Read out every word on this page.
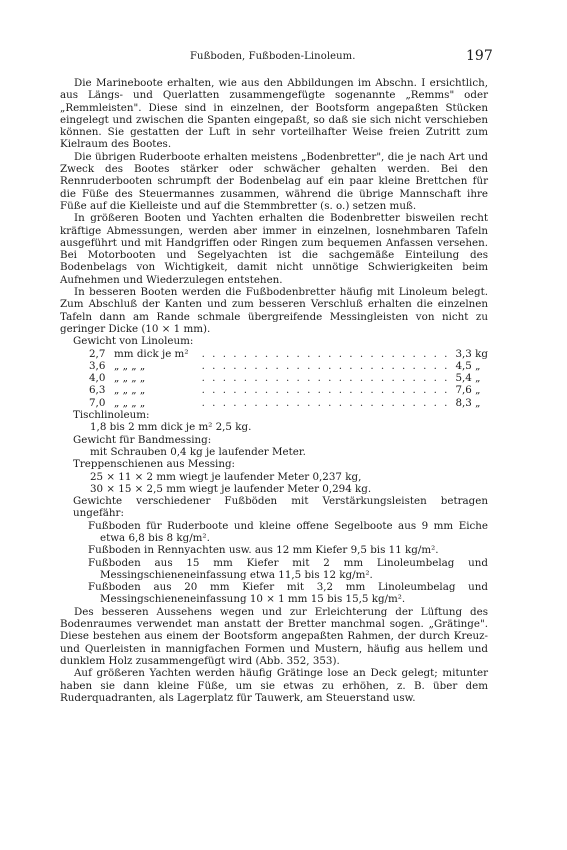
Fußboden, Fußboden-Linoleum.	197

Die Marineboote erhalten, wie aus den Abbildungen im Abschn. I ersichtlich, aus Längs- und Querlatten zusammengefügte sogenannte „Remms" oder „Remmleisten". Diese sind in einzelnen, der Bootsform angepaßten Stücken eingelegt und zwischen die Spanten eingepaßt, so daß sie sich nicht verschieben können. Sie gestatten der Luft in sehr vorteilhafter Weise freien Zutritt zum Kielraum des Bootes.

Die übrigen Ruderboote erhalten meistens „Bodenbretter", die je nach Art und Zweck des Bootes stärker oder schwächer gehalten werden. Bei den Rennruderbooten schrumpft der Bodenbelag auf ein paar kleine Brettchen für die Füße des Steuermannes zusammen, während die übrige Mannschaft ihre Füße auf die Kielleiste und auf die Stemmbretter (s. o.) setzen muß.

In größeren Booten und Yachten erhalten die Bodenbretter bisweilen recht kräftige Abmessungen, werden aber immer in einzelnen, losnehmbaren Tafeln ausgeführt und mit Handgriffen oder Ringen zum bequemen Anfassen versehen. Bei Motorbooten und Segelyachten ist die sachgemäße Einteilung des Bodenbelags von Wichtigkeit, damit nicht unnötige Schwierigkeiten beim Aufnehmen und Wiederzulegen entstehen.

In besseren Booten werden die Fußbodenbretter häufig mit Linoleum belegt. Zum Abschluß der Kanten und zum besseren Verschluß erhalten die einzelnen Tafeln dann am Rande schmale übergreifende Messingleisten von nicht zu geringer Dicke (10 × 1 mm).

Gewicht von Linoleum:
2,7 mm dick je m²	. . . . . . . . . . . . . . . . . . . . . . . . 3,3 kg
3,6 „ „ „ „	. . . . . . . . . . . . . . . . . . . . . . . . 4,5 „
4,0 „ „ „ „	. . . . . . . . . . . . . . . . . . . . . . . . 5,4 „
6,3 „ „ „ „	. . . . . . . . . . . . . . . . . . . . . . . . 7,6 „
7,0 „ „ „ „	. . . . . . . . . . . . . . . . . . . . . . . . 8,3 „
Tischlinoleum:
1,8 bis 2 mm dick je m² 2,5 kg.
Gewicht für Bandmessing:
mit Schrauben 0,4 kg je laufender Meter.
Treppenschienen aus Messing:
25 × 11 × 2 mm wiegt je laufender Meter 0,237 kg,
30 × 15 × 2,5 mm wiegt je laufender Meter 0,294 kg.
Gewichte verschiedener Fußböden mit Verstärkungsleisten betragen ungefähr:
Fußboden für Ruderboote und kleine offene Segelboote aus 9 mm Eiche etwa 6,8 bis 8 kg/m².
Fußboden in Rennyachten usw. aus 12 mm Kiefer 9,5 bis 11 kg/m².
Fußboden aus 15 mm Kiefer mit 2 mm Linoleumbelag und Messingschieneneinfassung etwa 11,5 bis 12 kg/m².
Fußboden aus 20 mm Kiefer mit 3,2 mm Linoleumbelag und Messingschieneneinfassung 10 × 1 mm 15 bis 15,5 kg/m².

Des besseren Aussehens wegen und zur Erleichterung der Lüftung des Bodenraumes verwendet man anstatt der Bretter manchmal sogen. „Grätinge". Diese bestehen aus einem der Bootsform angepaßten Rahmen, der durch Kreuz- und Querleisten in mannigfachen Formen und Mustern, häufig aus hellem und dunklem Holz zusammengefügt wird (Abb. 352, 353).

Auf größeren Yachten werden häufig Grätinge lose an Deck gelegt; mitunter haben sie dann kleine Füße, um sie etwas zu erhöhen, z. B. über dem Ruderquadranten, als Lagerplatz für Tauwerk, am Steuerstand usw.
